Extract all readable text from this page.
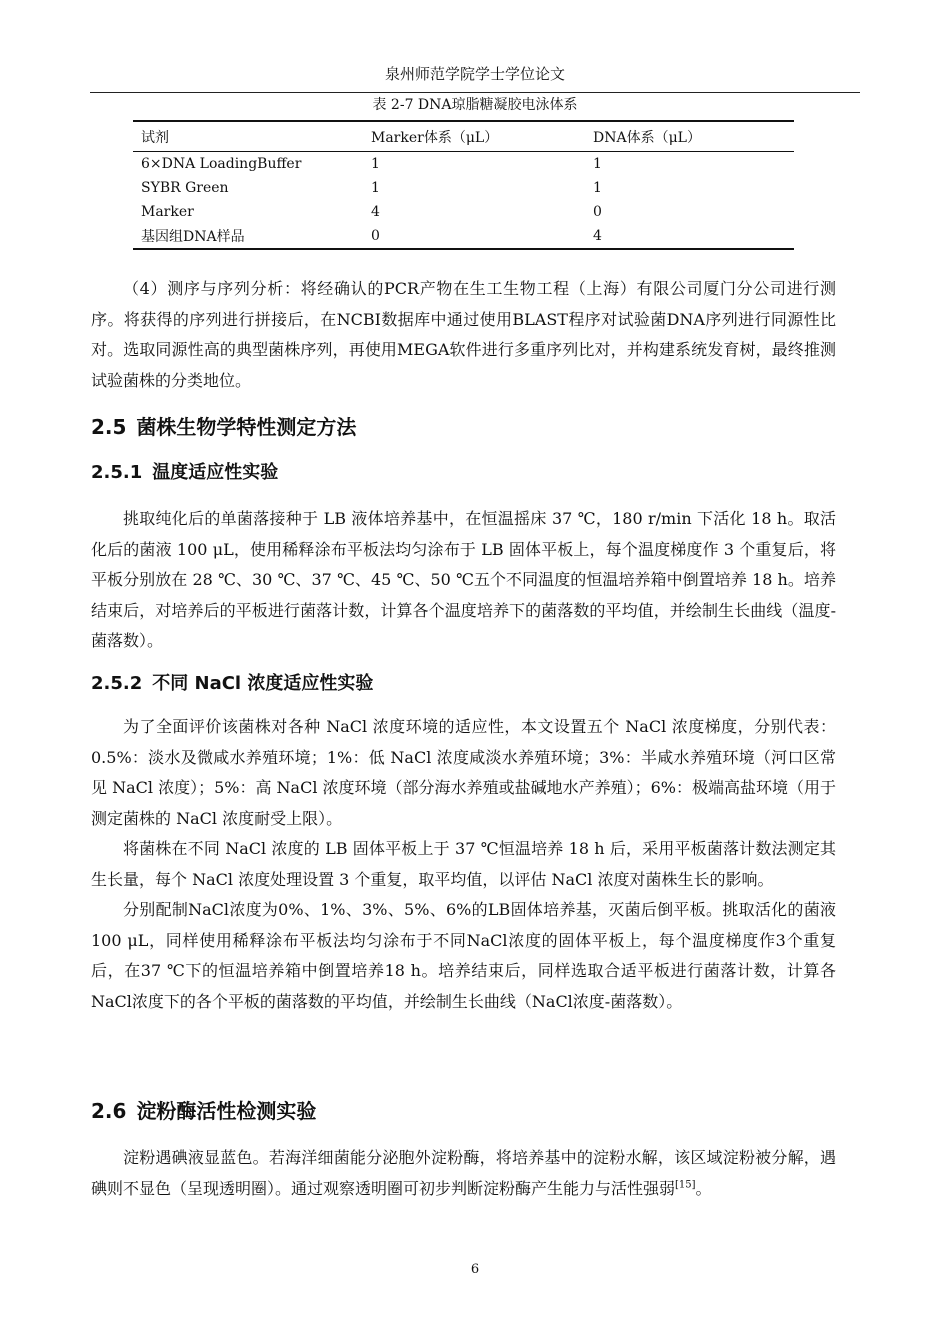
泉州师范学院学士学位论文
表 2-7 DNA琼脂糖凝胶电泳体系
试剂	Marker体系（μL）	DNA体系（μL）
6×DNA LoadingBuffer	1	1
SYBR Green	1	1
Marker	4	0
基因组DNA样品	0	4

（4）测序与序列分析：将经确认的PCR产物在生工生物工程（上海）有限公司厦门分公司进行测序。将获得的序列进行拼接后，在NCBI数据库中通过使用BLAST程序对试验菌DNA序列进行同源性比对。选取同源性高的典型菌株序列，再使用MEGA软件进行多重序列比对，并构建系统发育树，最终推测试验菌株的分类地位。

2.5 菌株生物学特性测定方法
2.5.1 温度适应性实验

挑取纯化后的单菌落接种于 LB 液体培养基中，在恒温摇床 37 ℃，180 r/min 下活化 18 h。取活化后的菌液 100 μL，使用稀释涂布平板法均匀涂布于 LB 固体平板上，每个温度梯度作 3 个重复后，将平板分别放在 28 ℃、30 ℃、37 ℃、45 ℃、50 ℃五个不同温度的恒温培养箱中倒置培养 18 h。培养结束后，对培养后的平板进行菌落计数，计算各个温度培养下的菌落数的平均值，并绘制生长曲线（温度-菌落数）。

2.5.2 不同 NaCl 浓度适应性实验

为了全面评价该菌株对各种 NaCl 浓度环境的适应性，本文设置五个 NaCl 浓度梯度，分别代表：0.5%：淡水及微咸水养殖环境；1%：低 NaCl 浓度咸淡水养殖环境；3%：半咸水养殖环境（河口区常见 NaCl 浓度）；5%：高 NaCl 浓度环境（部分海水养殖或盐碱地水产养殖）；6%：极端高盐环境（用于测定菌株的 NaCl 浓度耐受上限）。

将菌株在不同 NaCl 浓度的 LB 固体平板上于 37 ℃恒温培养 18 h 后，采用平板菌落计数法测定其生长量，每个 NaCl 浓度处理设置 3 个重复，取平均值，以评估 NaCl 浓度对菌株生长的影响。

分别配制NaCl浓度为0%、1%、3%、5%、6%的LB固体培养基，灭菌后倒平板。挑取活化的菌液100 μL，同样使用稀释涂布平板法均匀涂布于不同NaCl浓度的固体平板上，每个温度梯度作3个重复后，在37 ℃下的恒温培养箱中倒置培养18 h。培养结束后，同样选取合适平板进行菌落计数，计算各NaCl浓度下的各个平板的菌落数的平均值，并绘制生长曲线（NaCl浓度-菌落数）。

2.6 淀粉酶活性检测实验

淀粉遇碘液显蓝色。若海洋细菌能分泌胞外淀粉酶，将培养基中的淀粉水解，该区域淀粉被分解，遇碘则不显色（呈现透明圈）。通过观察透明圈可初步判断淀粉酶产生能力与活性强弱[15]。

6
